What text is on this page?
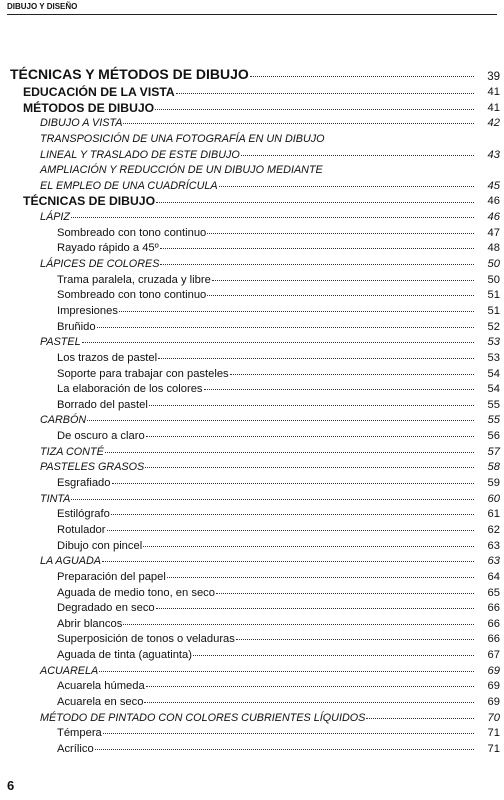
DIBUJO Y DISEÑO
TÉCNICAS Y MÉTODOS DE DIBUJO	39
EDUCACIÓN DE LA VISTA	41
MÉTODOS DE DIBUJO	41
DIBUJO A VISTA	42
TRANSPOSICIÓN DE UNA FOTOGRAFÍA EN UN DIBUJO
LINEAL Y TRASLADO DE ESTE DIBUJO	43
AMPLIACIÓN Y REDUCCIÓN DE UN DIBUJO MEDIANTE
EL EMPLEO DE UNA CUADRÍCULA	45
TÉCNICAS DE DIBUJO	46
LÁPIZ	46
Sombreado con tono continuo	47
Rayado rápido a 45º	48
LÁPICES DE COLORES	50
Trama paralela, cruzada y libre	50
Sombreado con tono continuo	51
Impresiones	51
Bruñido	52
PASTEL	53
Los trazos de pastel	53
Soporte para trabajar con pasteles	54
La elaboración de los colores	54
Borrado del pastel	55
CARBÓN	55
De oscuro a claro	56
TIZA CONTÉ	57
PASTELES GRASOS	58
Esgrafiado	59
TINTA	60
Estilógrafo	61
Rotulador	62
Dibujo con pincel	63
LA AGUADA	63
Preparación del papel	64
Aguada de medio tono, en seco	65
Degradado en seco	66
Abrir blancos	66
Superposición de tonos o veladuras	66
Aguada de tinta (aguatinta)	67
ACUARELA	69
Acuarela húmeda	69
Acuarela en seco	69
MÉTODO DE PINTADO CON COLORES CUBRIENTES LÍQUIDOS	70
Témpera	71
Acrílico	71
6
